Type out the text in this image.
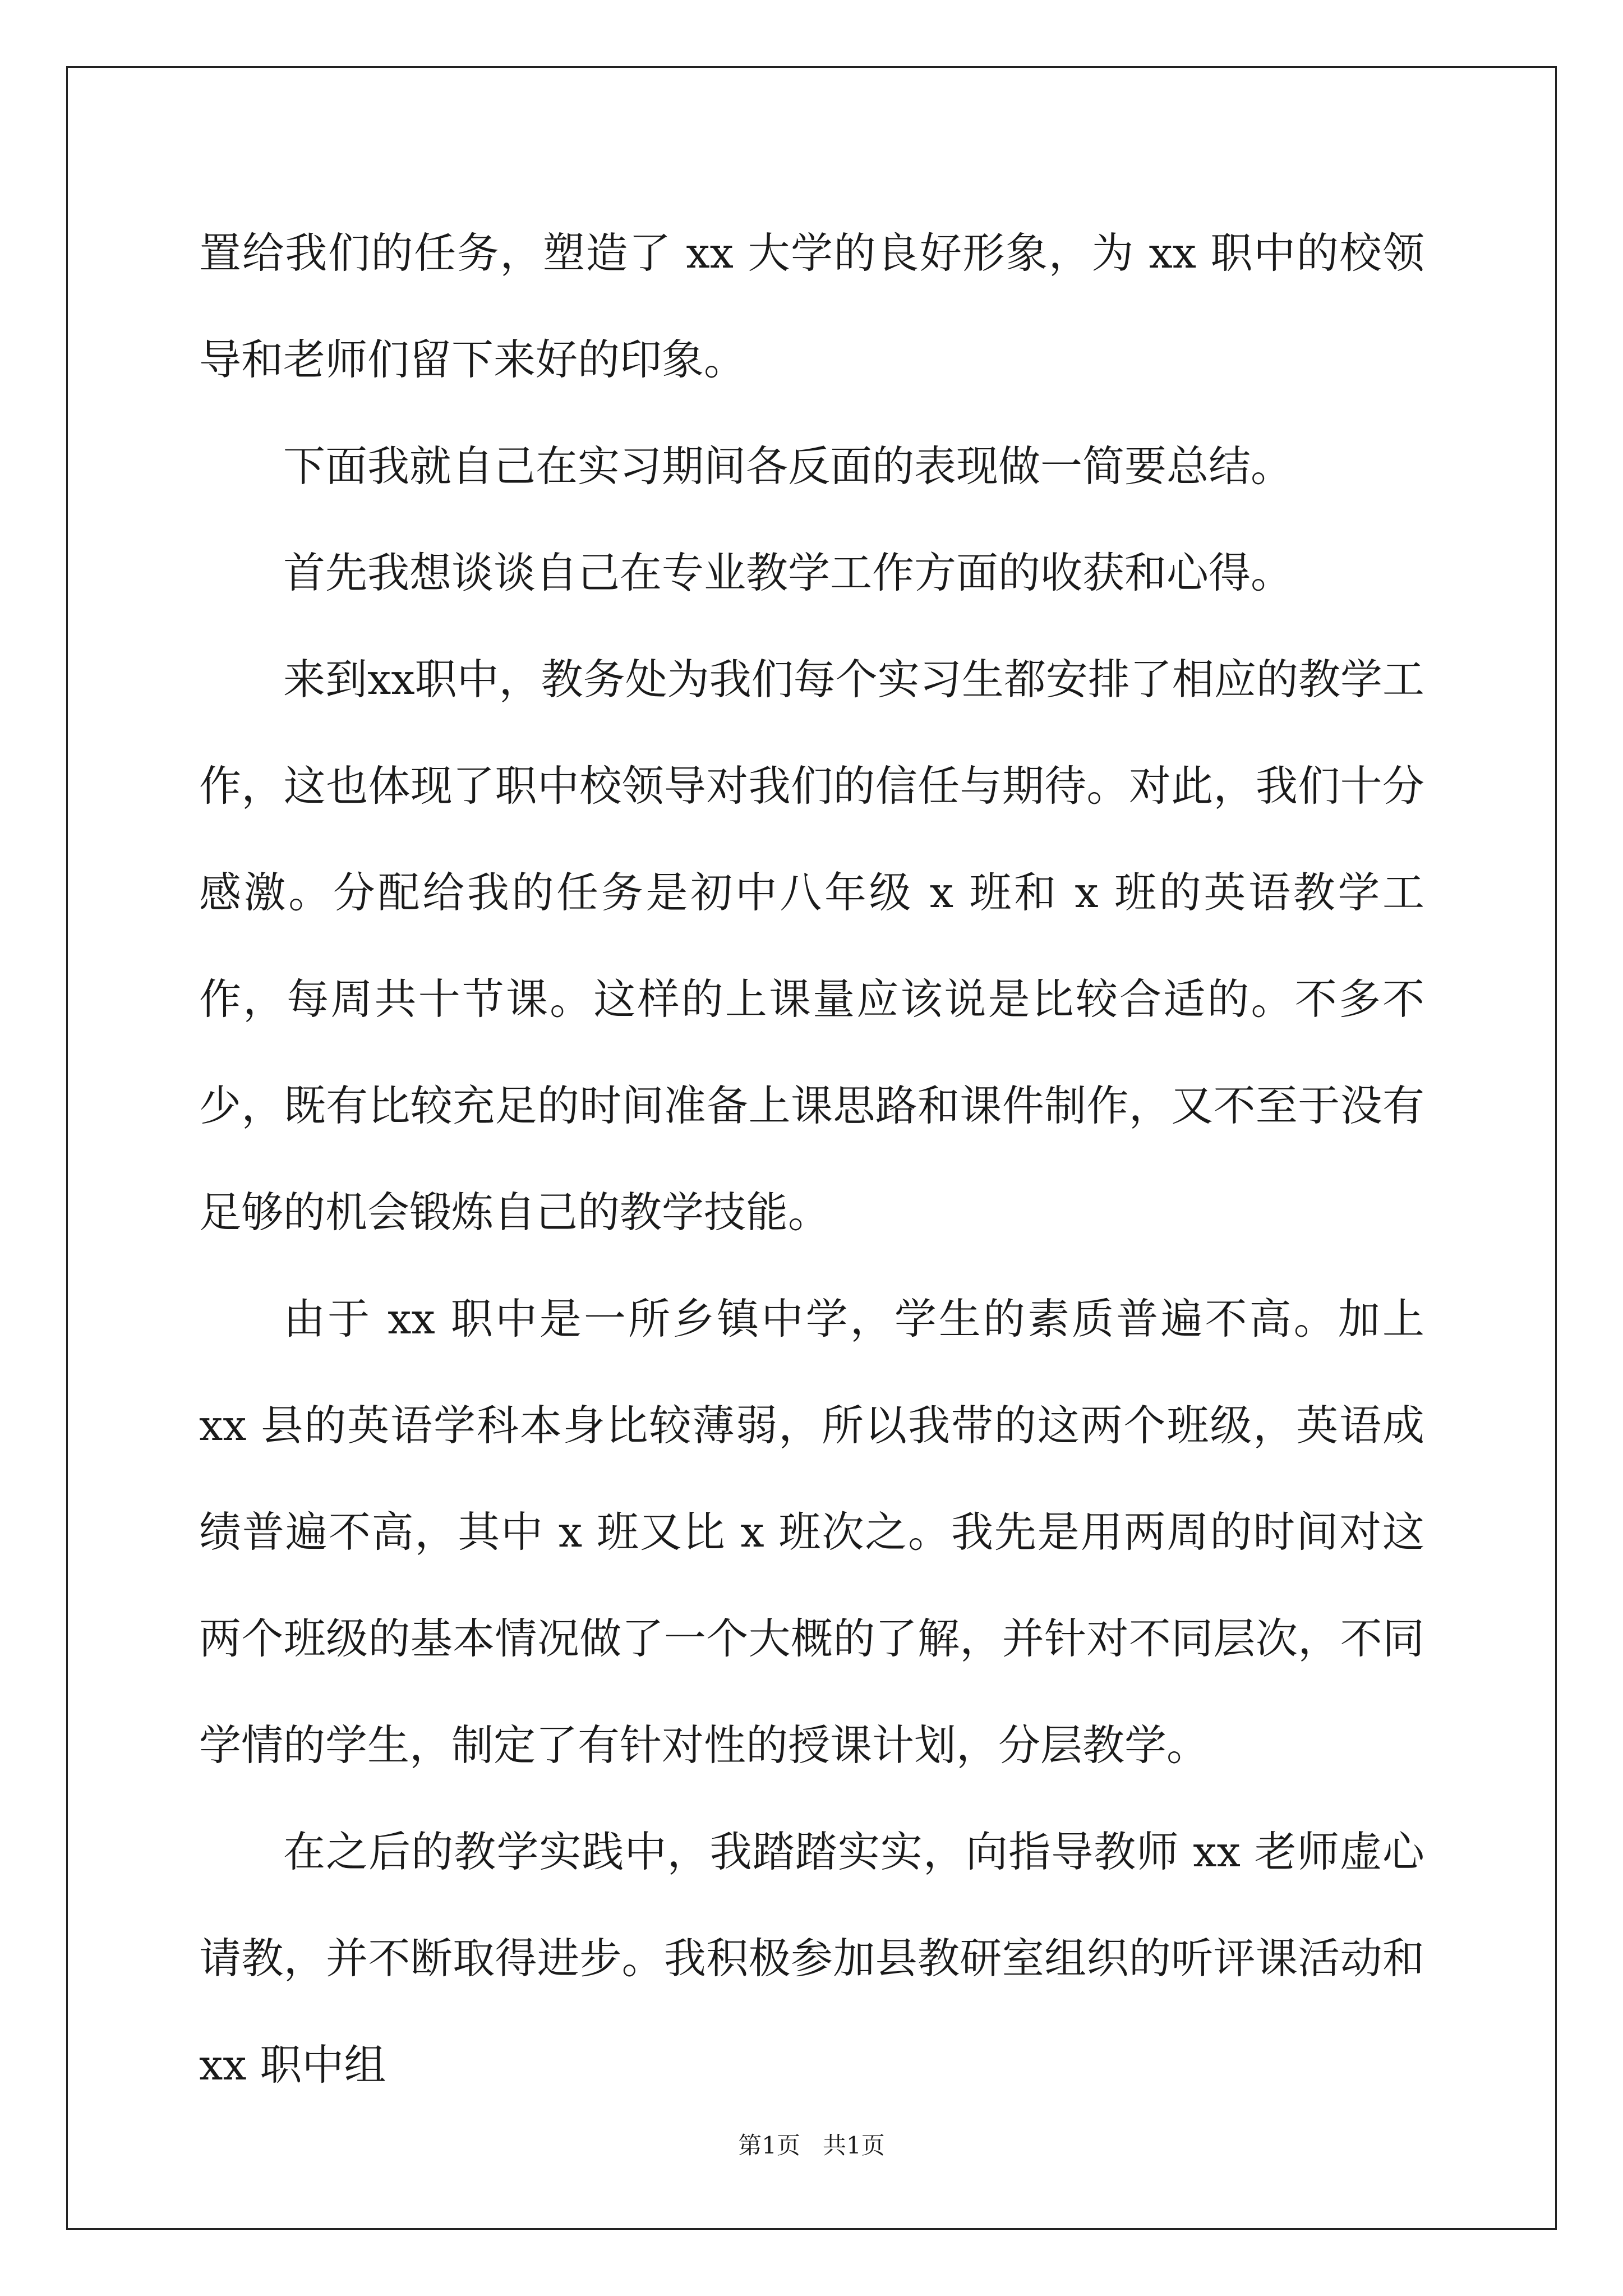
置给我们的任务，塑造了 xx 大学的良好形象，为 xx 职中的校领导和老师们留下来好的印象。

下面我就自己在实习期间各反面的表现做一简要总结。

首先我想谈谈自己在专业教学工作方面的收获和心得。

来到xx职中，教务处为我们每个实习生都安排了相应的教学工作，这也体现了职中校领导对我们的信任与期待。对此，我们十分感激。分配给我的任务是初中八年级 x 班和 x 班的英语教学工作，每周共十节课。这样的上课量应该说是比较合适的。不多不少，既有比较充足的时间准备上课思路和课件制作，又不至于没有足够的机会锻炼自己的教学技能。

由于 xx 职中是一所乡镇中学，学生的素质普遍不高。加上 xx 县的英语学科本身比较薄弱，所以我带的这两个班级，英语成绩普遍不高，其中 x 班又比 x 班次之。我先是用两周的时间对这两个班级的基本情况做了一个大概的了解，并针对不同层次，不同学情的学生，制定了有针对性的授课计划，分层教学。

在之后的教学实践中，我踏踏实实，向指导教师 xx 老师虚心请教，并不断取得进步。我积极参加县教研室组织的听评课活动和 xx 职中组

第1页 共1页
